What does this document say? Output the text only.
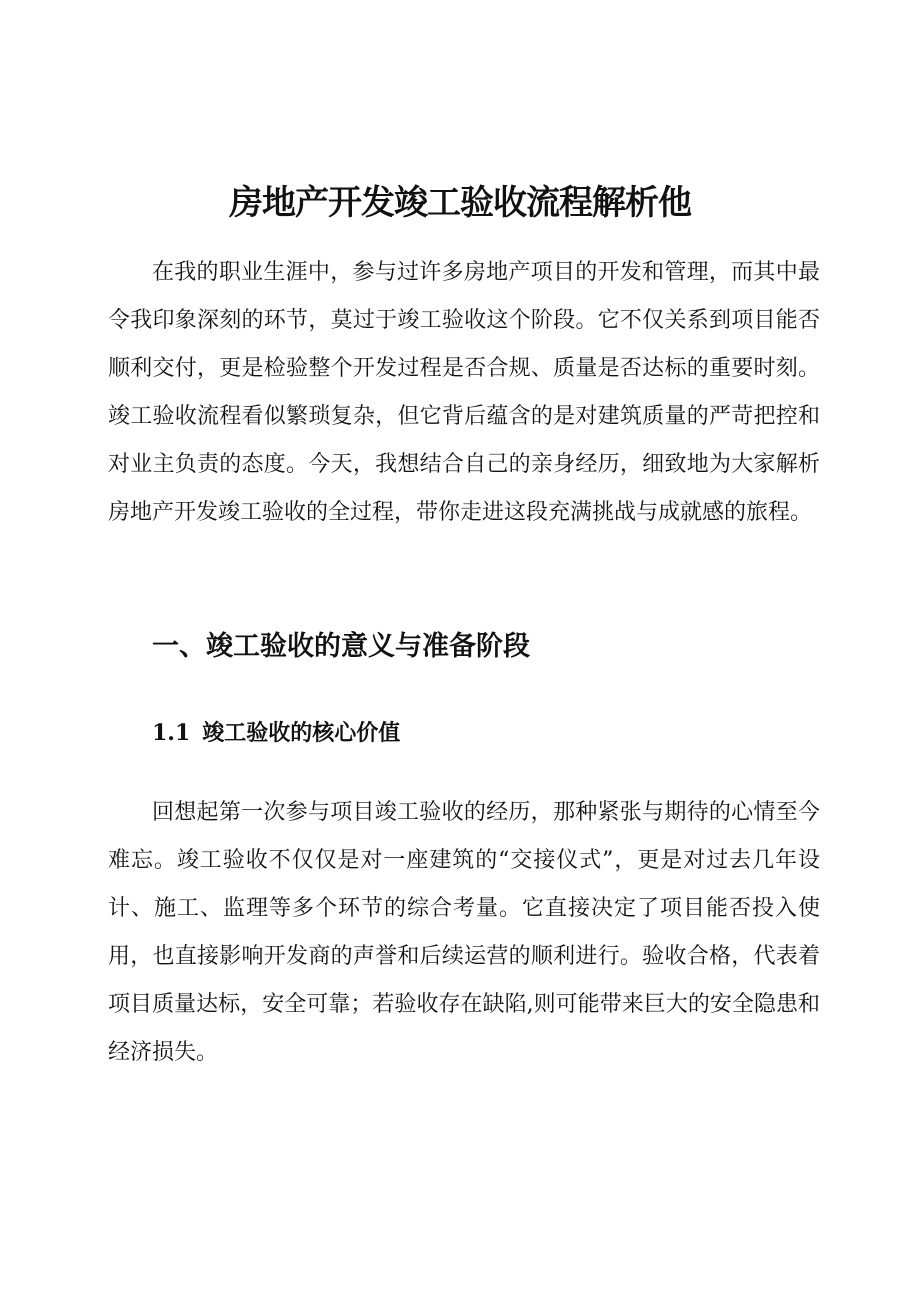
房地产开发竣工验收流程解析他

在我的职业生涯中，参与过许多房地产项目的开发和管理，而其中最令我印象深刻的环节，莫过于竣工验收这个阶段。它不仅关系到项目能否顺利交付，更是检验整个开发过程是否合规、质量是否达标的重要时刻。竣工验收流程看似繁琐复杂，但它背后蕴含的是对建筑质量的严苛把控和对业主负责的态度。今天，我想结合自己的亲身经历，细致地为大家解析房地产开发竣工验收的全过程，带你走进这段充满挑战与成就感的旅程。

一、竣工验收的意义与准备阶段
1.1 竣工验收的核心价值

回想起第一次参与项目竣工验收的经历，那种紧张与期待的心情至今难忘。竣工验收不仅仅是对一座建筑的“交接仪式”，更是对过去几年设计、施工、监理等多个环节的综合考量。它直接决定了项目能否投入使用，也直接影响开发商的声誉和后续运营的顺利进行。验收合格，代表着项目质量达标，安全可靠；若验收存在缺陷,则可能带来巨大的安全隐患和经济损失。
